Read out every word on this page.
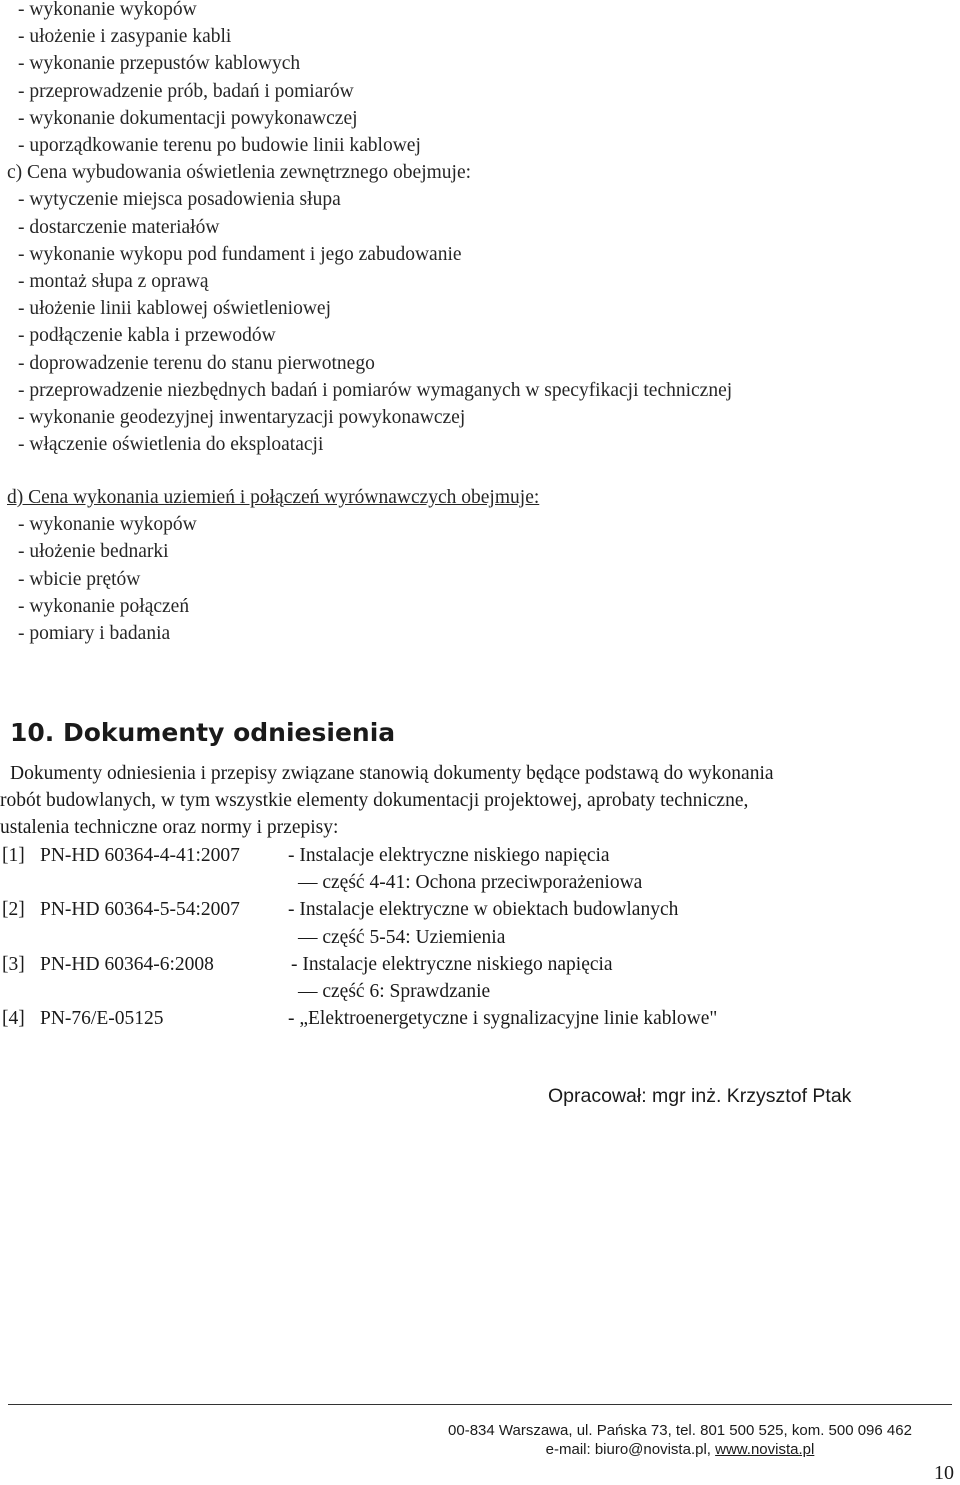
- wykonanie wykopów
- ułożenie i zasypanie kabli
- wykonanie przepustów kablowych
- przeprowadzenie prób, badań i pomiarów
- wykonanie dokumentacji powykonawczej
- uporządkowanie terenu po budowie linii kablowej
c) Cena wybudowania oświetlenia zewnętrznego obejmuje:
- wytyczenie miejsca posadowienia słupa
- dostarczenie materiałów
- wykonanie wykopu pod fundament i jego zabudowanie
- montaż słupa z oprawą
- ułożenie linii kablowej oświetleniowej
- podłączenie kabla i przewodów
- doprowadzenie terenu do stanu pierwotnego
- przeprowadzenie niezbędnych badań i pomiarów wymaganych w specyfikacji technicznej
- wykonanie geodezyjnej inwentaryzacji powykonawczej
- włączenie oświetlenia do eksploatacji
d) Cena wykonania uziemień i połączeń wyrównawczych obejmuje:
- wykonanie wykopów
- ułożenie bednarki
- wbicie prętów
- wykonanie połączeń
- pomiary i badania
10. Dokumenty odniesienia

Dokumenty odniesienia i przepisy związane stanowią dokumenty będące podstawą do wykonania

robót budowlanych, w tym wszystkie elementy dokumentacji projektowej, aprobaty techniczne,

ustalenia techniczne oraz normy i przepisy:

[1] PN-HD 60364-4-41:2007 - Instalacje elektryczne niskiego napięcia
— część 4-41: Ochona przeciwporażeniowa
[2] PN-HD 60364-5-54:2007 - Instalacje elektryczne w obiektach budowlanych
— część 5-54: Uziemienia
[3] PN-HD 60364-6:2008	- Instalacje elektryczne niskiego napięcia
— część 6: Sprawdzanie
[4] PN-76/E-05125	- „Elektroenergetyczne i sygnalizacyjne linie kablowe"
Opracował: mgr inż. Krzysztof Ptak

00-834 Warszawa, ul. Pańska 73, tel. 801 500 525, kom. 500 096 462

e-mail: biuro@novista.pl, www.novista.pl

10
